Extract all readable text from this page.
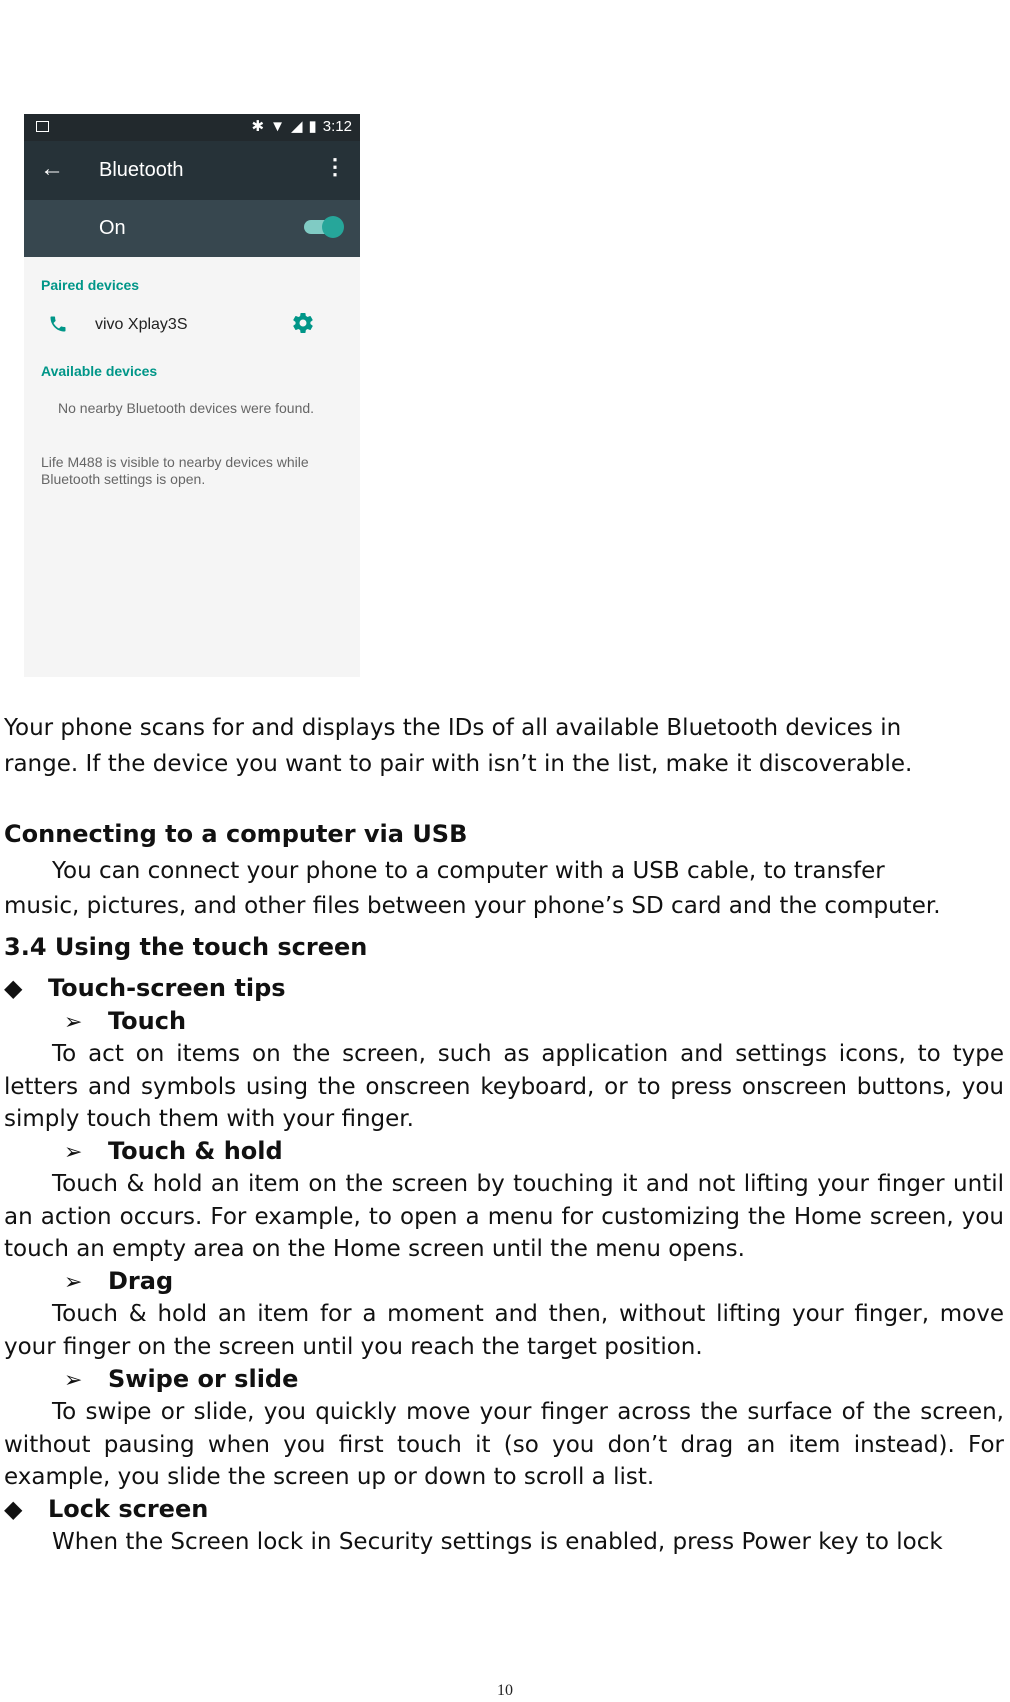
✱ ▼ ◢ ▮ 3:12
← Bluetooth	⋮
On
Paired devices
vivo Xplay3S
Available devices
No nearby Bluetooth devices were found.
Life M488 is visible to nearby devices while
Bluetooth settings is open.

Your phone scans for and displays the IDs of all available Bluetooth devices in

range. If the device you want to pair with isn’t in the list, make it discoverable.

Connecting to a computer via USB

You can connect your phone to a computer with a USB cable, to transfer

music, pictures, and other files between your phone’s SD card and the computer.

3.4 Using the touch screen
◆ Touch-screen tips
➢ Touch

To act on items on the screen, such as application and settings icons, to type letters and symbols using the onscreen keyboard, or to press onscreen buttons, you simply touch them with your finger.

➢ Touch & hold

Touch & hold an item on the screen by touching it and not lifting your finger until an action occurs. For example, to open a menu for customizing the Home screen, you touch an empty area on the Home screen until the menu opens.

➢ Drag

Touch & hold an item for a moment and then, without lifting your finger, move your finger on the screen until you reach the target position.

➢ Swipe or slide

To swipe or slide, you quickly move your finger across the surface of the screen, without pausing when you first touch it (so you don’t drag an item instead). For example, you slide the screen up or down to scroll a list.

◆ Lock screen

When the Screen lock in Security settings is enabled, press Power key to lock

10
